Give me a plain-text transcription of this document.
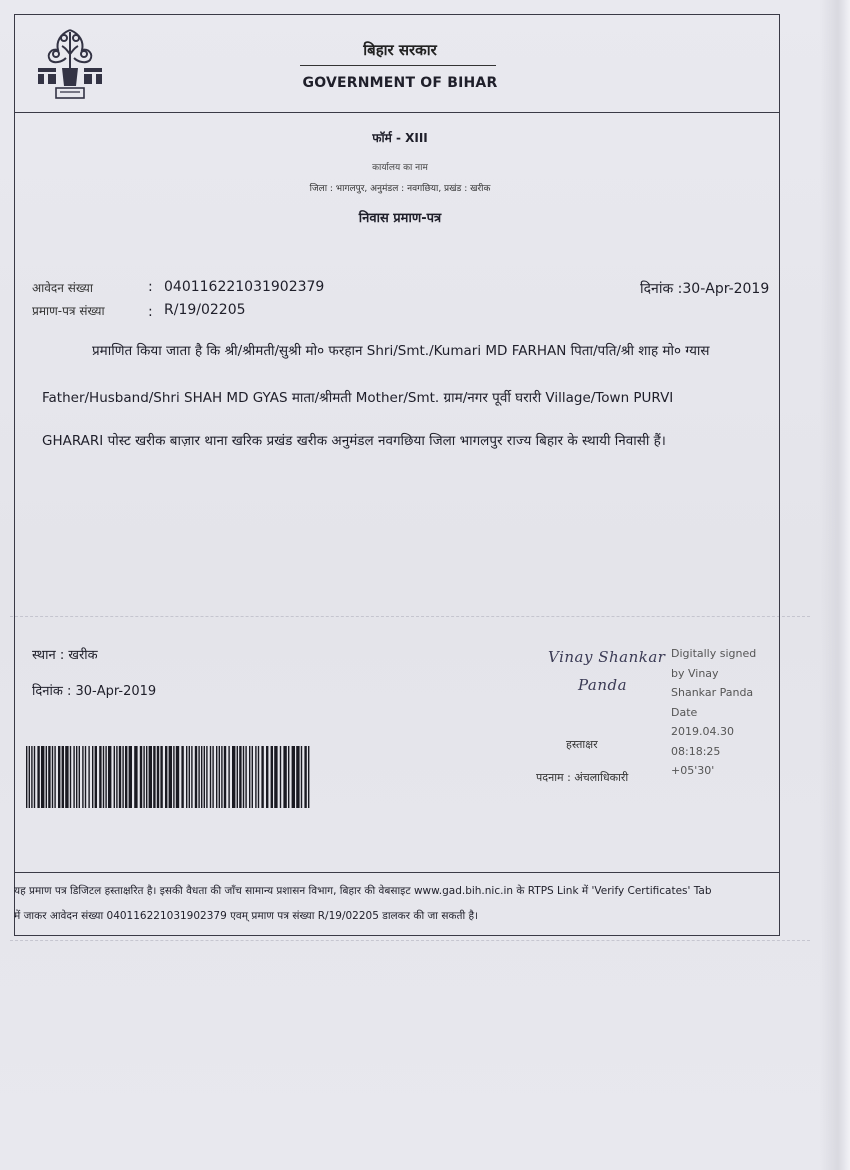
बिहार सरकार
GOVERNMENT OF BIHAR
फॉर्म - XIII
कार्यालय का नाम
जिला : भागलपुर, अनुमंडल : नवगछिया, प्रखंड : खरीक
निवास प्रमाण-पत्र
आवेदन संख्या	: 040116221031902379	दिनांक :30-Apr-2019
प्रमाण-पत्र संख्या	: R/19/02205
प्रमाणित किया जाता है कि श्री/श्रीमती/सुश्री मो० फरहान Shri/Smt./Kumari MD FARHAN पिता/पति/श्री शाह मो० ग्यास
Father/Husband/Shri SHAH MD GYAS माता/श्रीमती Mother/Smt. ग्राम/नगर पूर्वी घरारी Village/Town PURVI
GHARARI पोस्ट खरीक बाज़ार थाना खरिक प्रखंड खरीक अनुमंडल नवगछिया जिला भागलपुर राज्य बिहार के स्थायी निवासी हैं।
स्थान : खरीक
दिनांक : 30-Apr-2019
Vinay Shankar
Panda
Digitally signed
by Vinay
Shankar Panda
Date
2019.04.30
08:18:25
+05'30'
हस्ताक्षर
पदनाम : अंचलाधिकारी
यह प्रमाण पत्र डिजिटल हस्ताक्षरित है। इसकी वैधता की जाँच सामान्य प्रशासन विभाग, बिहार की वेबसाइट www.gad.bih.nic.in के RTPS Link में 'Verify Certificates' Tab
में जाकर आवेदन संख्या 040116221031902379 एवम् प्रमाण पत्र संख्या R/19/02205 डालकर की जा सकती है।
